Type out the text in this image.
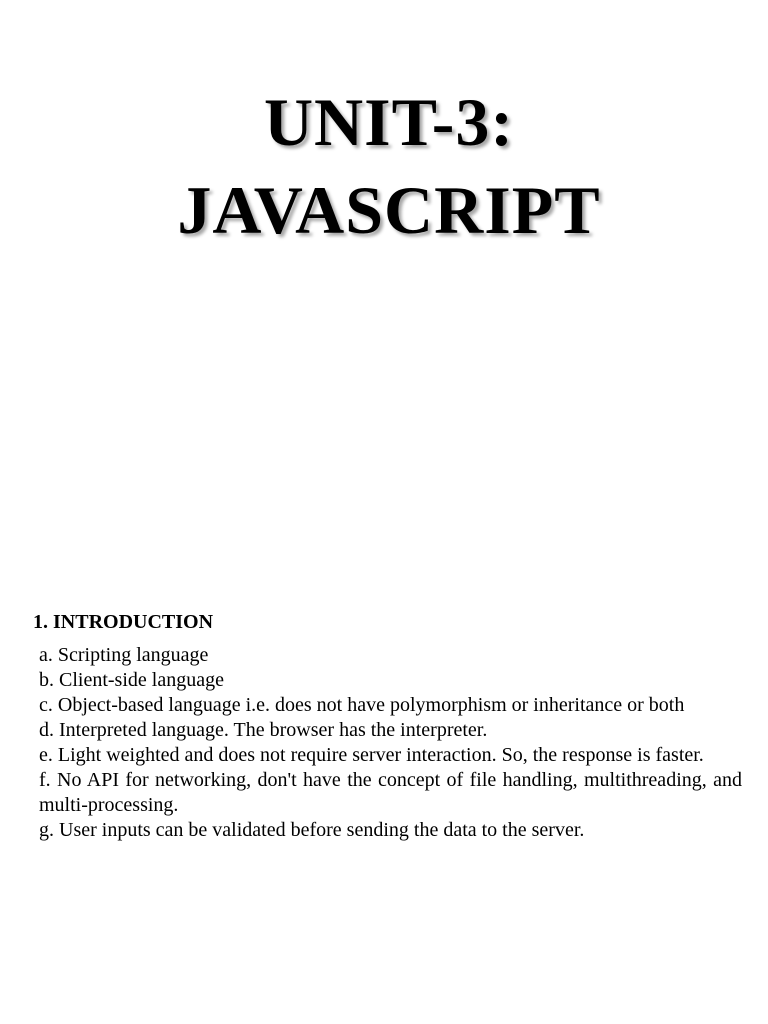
UNIT-3:
JAVASCRIPT
1. INTRODUCTION
a. Scripting language
b. Client-side language
c. Object-based language i.e. does not have polymorphism or inheritance or both
d. Interpreted language. The browser has the interpreter.
e. Light weighted and does not require server interaction. So, the response is faster.
f. No API for networking, don't have the concept of file handling, multithreading, and multi-processing.
g. User inputs can be validated before sending the data to the server.
